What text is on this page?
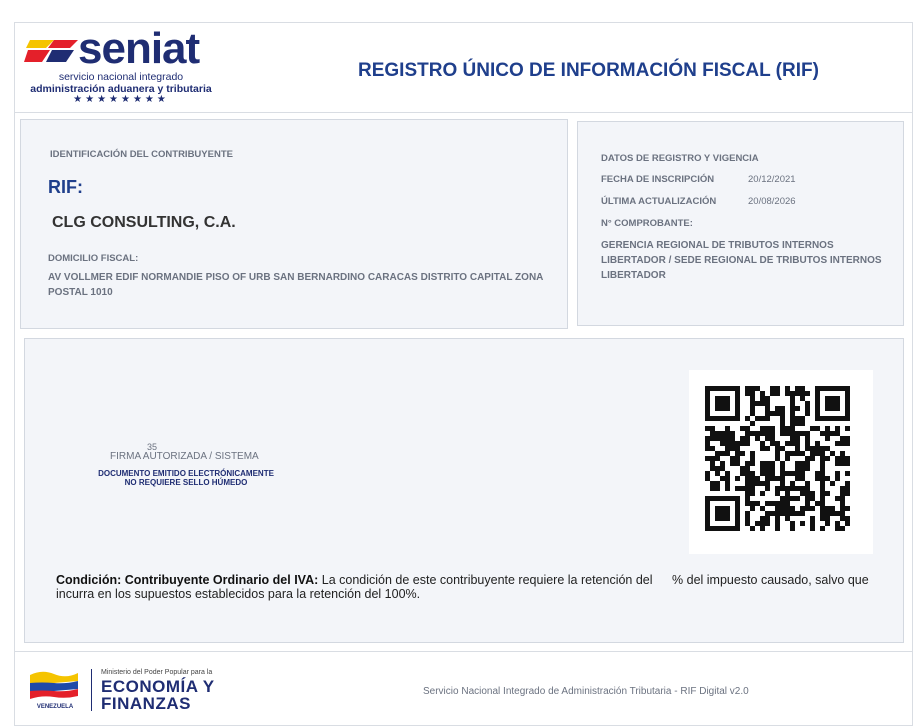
seniat
servicio nacional integrado
administración aduanera y tributaria
★★★★★★★★
REGISTRO ÚNICO DE INFORMACIÓN FISCAL (RIF)
IDENTIFICACIÓN DEL CONTRIBUYENTE
RIF:
CLG CONSULTING, C.A.
DOMICILIO FISCAL:
AV VOLLMER EDIF NORMANDIE PISO OF URB SAN BERNARDINO CARACAS DISTRITO CAPITAL ZONA POSTAL 1010
DATOS DE REGISTRO Y VIGENCIA
FECHA DE INSCRIPCIÓN	20/12/2021
ÚLTIMA ACTUALIZACIÓN	20/08/2026
N° COMPROBANTE:
GERENCIA REGIONAL DE TRIBUTOS INTERNOS LIBERTADOR / SEDE REGIONAL DE TRIBUTOS INTERNOS LIBERTADOR
35
FIRMA AUTORIZADA / SISTEMA
DOCUMENTO EMITIDO ELECTRÓNICAMENTE
NO REQUIERE SELLO HÚMEDO
Condición: Contribuyente Ordinario del IVA: La condición de este contribuyente requiere la retención del % del impuesto causado, salvo que incurra en los supuestos establecidos para la retención del 100%.
VENEZUELA
Ministerio del Poder Popular para la
ECONOMÍA Y
FINANZAS
Servicio Nacional Integrado de Administración Tributaria - RIF Digital v2.0
